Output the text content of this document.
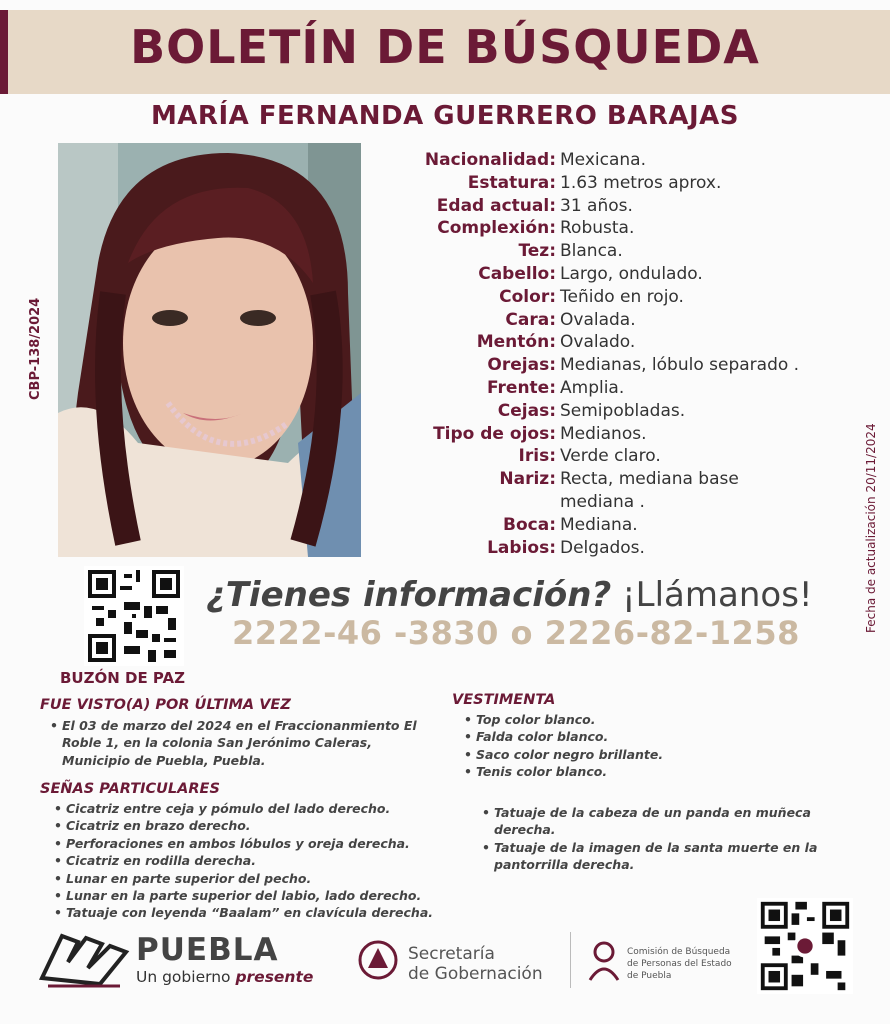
BOLETÍN DE BÚSQUEDA
MARÍA FERNANDA GUERRERO BARAJAS
CBP-138/2024
Fecha de actualización 20/11/2024
Nacionalidad: Mexicana.
Estatura: 1.63 metros aprox.
Edad actual: 31 años.
Complexión: Robusta.
Tez: Blanca.
Cabello: Largo, ondulado.
Color: Teñido en rojo.
Cara: Ovalada.
Mentón: Ovalado.
Orejas: Medianas, lóbulo separado .
Frente: Amplia.
Cejas: Semipobladas.
Tipo de ojos: Medianos.
Iris: Verde claro.
Nariz: Recta, mediana base mediana .
Boca: Mediana.
Labios: Delgados.
BUZÓN DE PAZ
¿Tienes información? ¡Llámanos!
2222-46 -3830 o 2226-82-1258
FUE VISTO(A) POR ÚLTIMA VEZ
• El 03 de marzo del 2024 en el Fraccionanmiento El Roble 1, en la colonia San Jerónimo Caleras, Municipio de Puebla, Puebla.
VESTIMENTA
• Top color blanco.
• Falda color blanco.
• Saco color negro brillante.
• Tenis color blanco.
SEÑAS PARTICULARES
• Cicatriz entre ceja y pómulo del lado derecho.
• Cicatriz en brazo derecho.
• Perforaciones en ambos lóbulos y oreja derecha.
• Cicatriz en rodilla derecha.
• Lunar en parte superior del pecho.
• Lunar en la parte superior del labio, lado derecho.
• Tatuaje con leyenda “Baalam” en clavícula derecha.
• Tatuaje de la cabeza de un panda en muñeca derecha.
• Tatuaje de la imagen de la santa muerte en la pantorrilla derecha.
PUEBLA
Un gobierno presente
Secretaría
de Gobernación
Comisión de Búsqueda
de Personas del Estado
de Puebla
